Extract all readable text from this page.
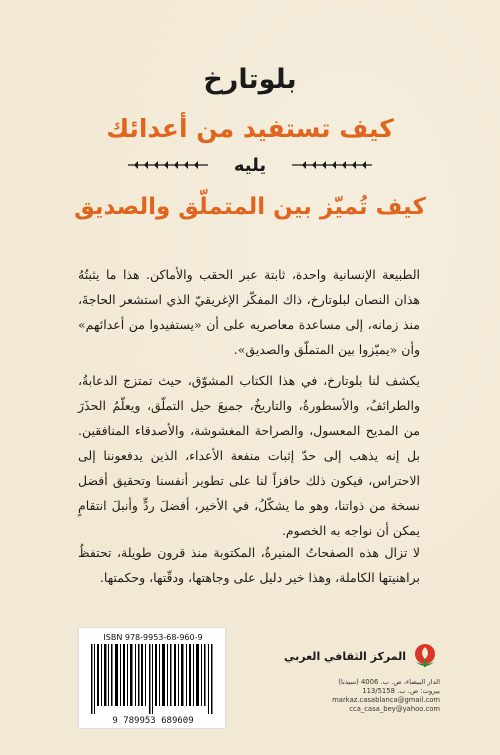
بلوتارخ
كيف تستفيد من أعدائك
يليه
كيف تُميّز بين المتملّق والصديق

الطبيعة الإنسانية واحدة، ثابتة عبر الحقب والأماكن. هذا ما يثبتُهُ هذان النصان لبلوتارخ، ذاك المفكّر الإغريقيّ الذي استشعر الحاجةَ، منذ زمانه، إلى مساعدة معاصريه على أن «يستفيدوا من أعدائهم» وأن «يميّزوا بين المتملّق والصديق».

يكشف لنا بلوتارخ، في هذا الكتاب المشوّق، حيث تمتزج الدعابةُ، والطرائفُ، والأسطورةُ، والتاريخُ، جميعَ حيل التملّق، ويعلّمُ الحذَرَ من المديح المعسول، والصراحة المغشوشة، والأصدقاء المنافقين. بل إنه يذهب إلى حدّ إثبات منفعة الأعداء، الذين يدفعوننا إلى الاحتراس، فيكون ذلك حافزاً لنا على تطوير أنفسنا وتحقيق أفضل نسخة من ذواتنا، وهو ما يشكّلُ، في الأخير، أفضلَ ردٍّ وأنبلَ انتقامٍ يمكن أن نواجه به الخصوم.

لا تزال هذه الصفحاتُ المنيرةُ، المكتوبة منذ قرون طويلة، تحتفظُ براهنيتها الكاملة، وهذا خير دليل على وجاهتها، ودقّتها، وحكمتها.

ISBN 978-9953-68-960-9
9 789953 689609
المركز الثقافي العربي
الدار البيضاء، ص. ب. 4006 (سيدنا)
بيروت: ص. ب. 113/5158
markaz.casablanca@gmail.com
cca_casa_bey@yahoo.com
